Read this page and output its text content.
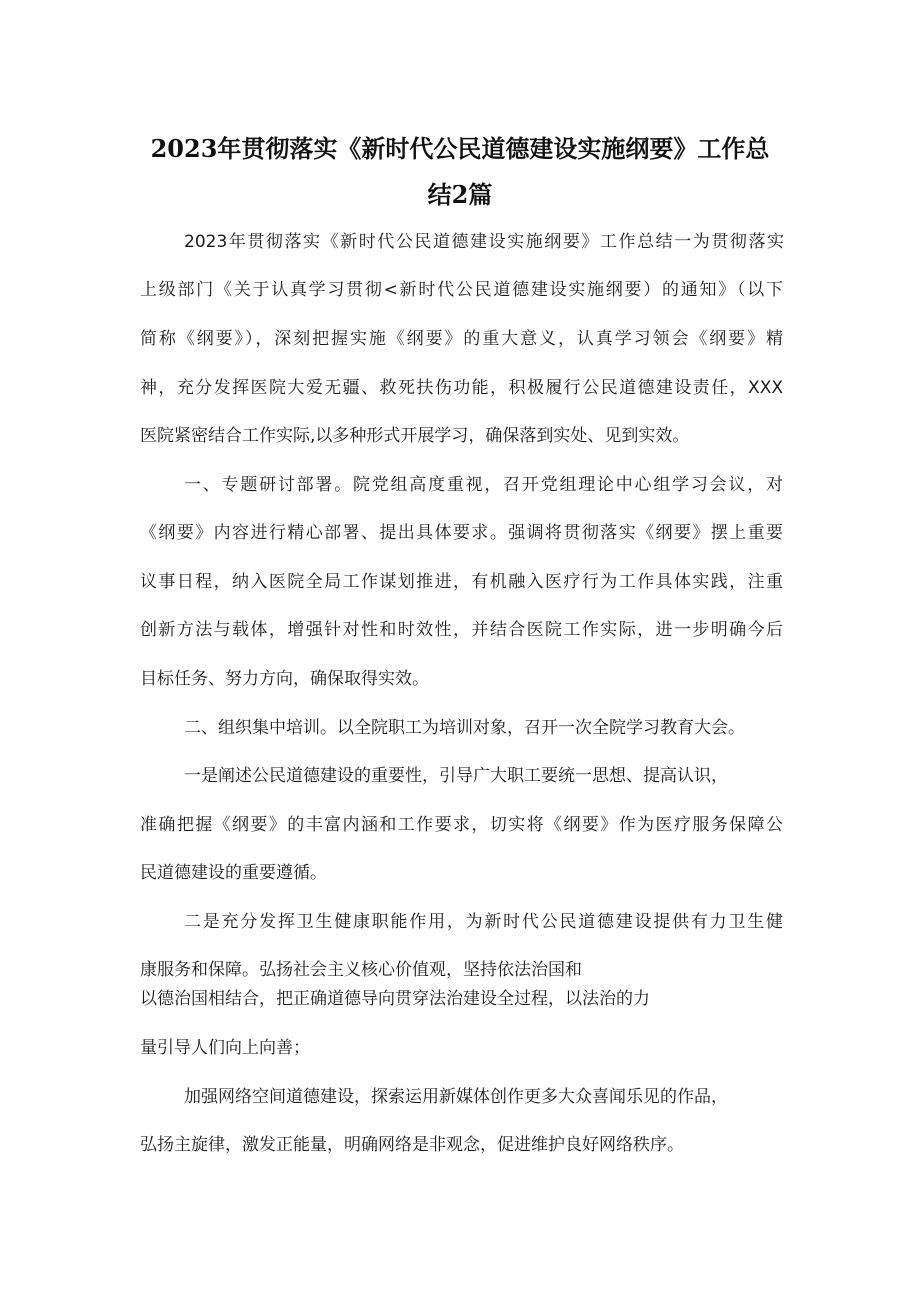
2023年贯彻落实《新时代公民道德建设实施纲要》工作总
结2篇
2023年贯彻落实《新时代公民道德建设实施纲要》工作总结一为贯彻落实
上级部门《关于认真学习贯彻<新时代公民道德建设实施纲要）的通知》（以下
简称《纲要》），深刻把握实施《纲要》的重大意义，认真学习领会《纲要》精
神，充分发挥医院大爱无疆、救死扶伤功能，积极履行公民道德建设责任，XXX
医院紧密结合工作实际,以多种形式开展学习，确保落到实处、见到实效。
一、专题研讨部署。院党组高度重视，召开党组理论中心组学习会议，对
《纲要》内容进行精心部署、提出具体要求。强调将贯彻落实《纲要》摆上重要
议事日程，纳入医院全局工作谋划推进，有机融入医疗行为工作具体实践，注重
创新方法与载体，增强针对性和时效性，并结合医院工作实际，进一步明确今后
目标任务、努力方向，确保取得实效。
二、组织集中培训。以全院职工为培训对象，召开一次全院学习教育大会。
一是阐述公民道德建设的重要性，引导广大职工要统一思想、提高认识，
准确把握《纲要》的丰富内涵和工作要求，切实将《纲要》作为医疗服务保障公
民道德建设的重要遵循。
二是充分发挥卫生健康职能作用，为新时代公民道德建设提供有力卫生健
康服务和保障。弘扬社会主义核心价值观，坚持依法治国和
以德治国相结合，把正确道德导向贯穿法治建设全过程，以法治的力
量引导人们向上向善；
加强网络空间道德建设，探索运用新媒体创作更多大众喜闻乐见的作品，
弘扬主旋律，激发正能量，明确网络是非观念，促进维护良好网络秩序。
